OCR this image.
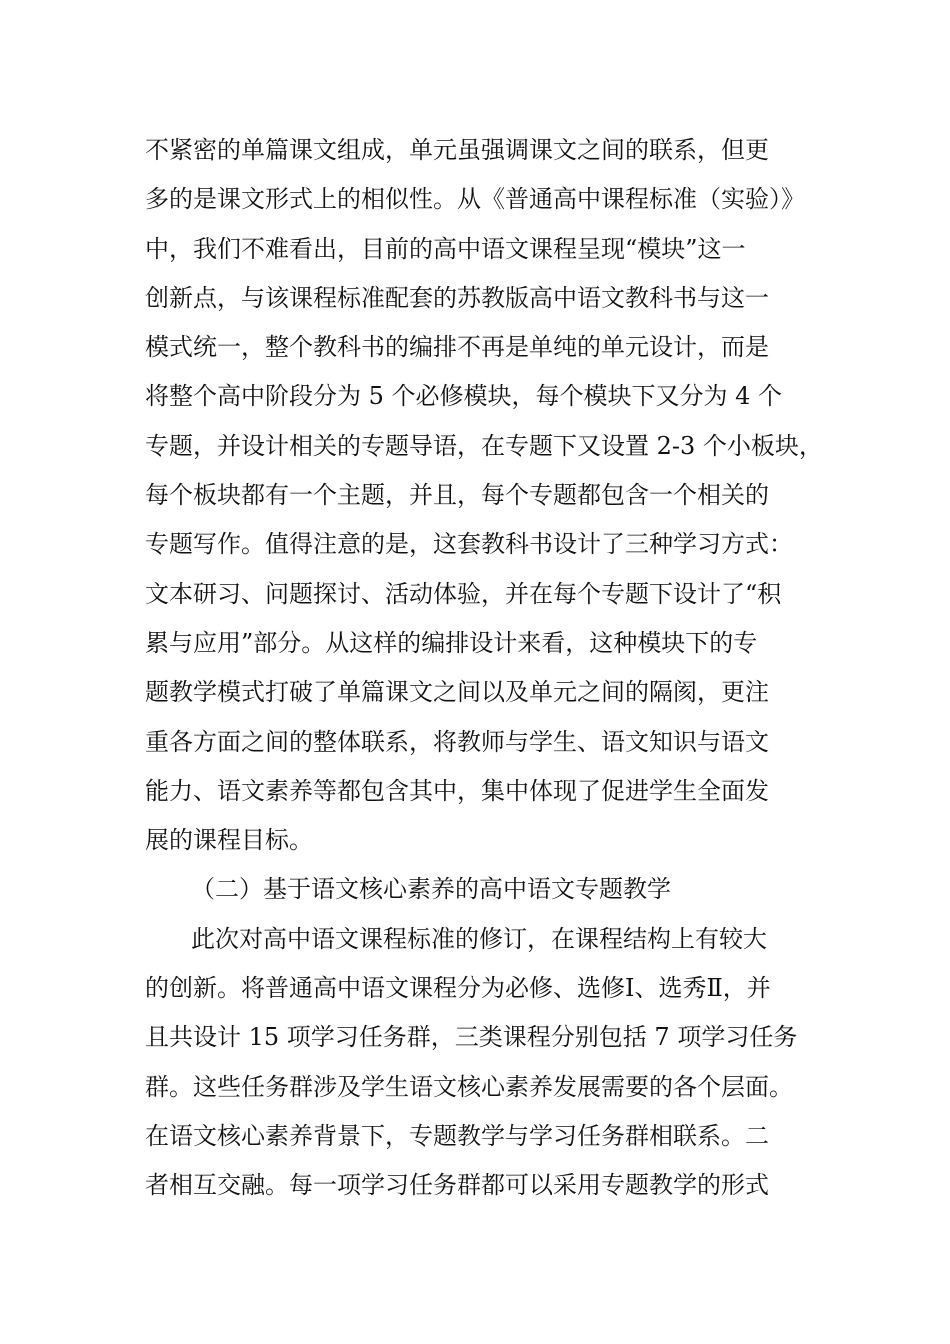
不紧密的单篇课文组成，单元虽强调课文之间的联系，但更
多的是课文形式上的相似性。从《普通高中课程标准（实验）》
中，我们不难看出，目前的高中语文课程呈现“模块”这一
创新点，与该课程标准配套的苏教版高中语文教科书与这一
模式统一，整个教科书的编排不再是单纯的单元设计，而是
将整个高中阶段分为 5 个必修模块，每个模块下又分为 4 个
专题，并设计相关的专题导语，在专题下又设置 2-3 个小板块，
每个板块都有一个主题，并且，每个专题都包含一个相关的
专题写作。值得注意的是，这套教科书设计了三种学习方式：
文本研习、问题探讨、活动体验，并在每个专题下设计了“积
累与应用”部分。从这样的编排设计来看，这种模块下的专
题教学模式打破了单篇课文之间以及单元之间的隔阂，更注
重各方面之间的整体联系，将教师与学生、语文知识与语文
能力、语文素养等都包含其中，集中体现了促进学生全面发
展的课程目标。
（二）基于语文核心素养的高中语文专题教学
此次对高中语文课程标准的修订，在课程结构上有较大
的创新。将普通高中语文课程分为必修、选修Ⅰ、选秀Ⅱ，并
且共设计 15 项学习任务群，三类课程分别包括 7 项学习任务
群。这些任务群涉及学生语文核心素养发展需要的各个层面。
在语文核心素养背景下，专题教学与学习任务群相联系。二
者相互交融。每一项学习任务群都可以采用专题教学的形式
